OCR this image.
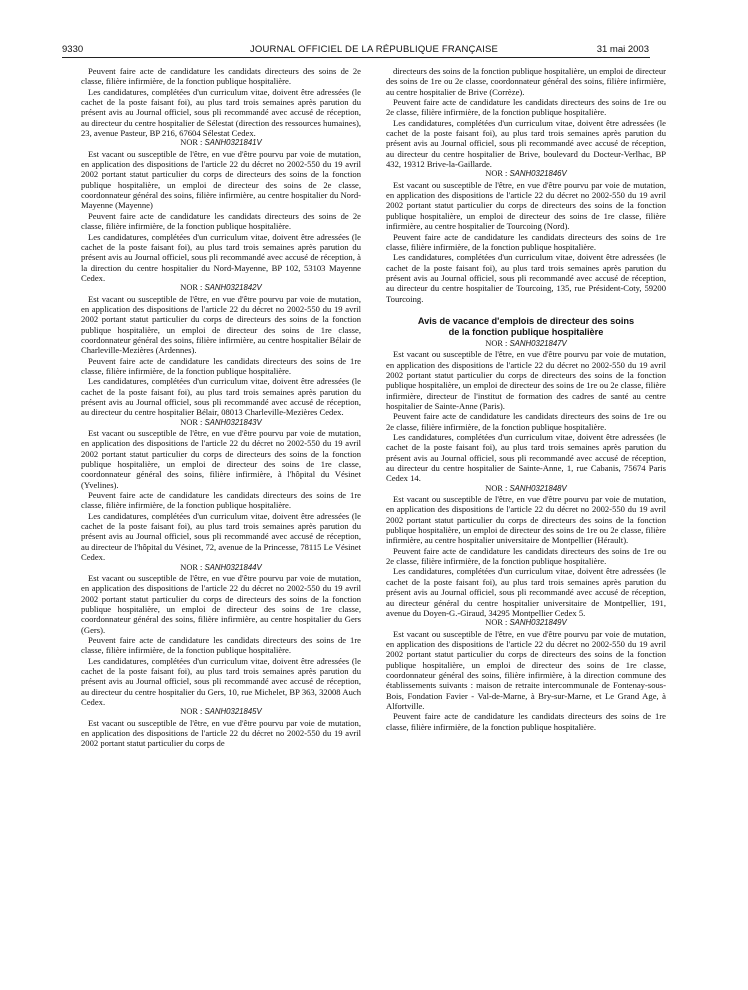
JOURNAL OFFICIEL DE LA RÉPUBLIQUE FRANÇAISE
9330	31 mai 2003

Peuvent faire acte de candidature les candidats directeurs des soins de 2e classe, filière infirmière, de la fonction publique hospitalière.

Les candidatures, complétées d'un curriculum vitae, doivent être adressées (le cachet de la poste faisant foi), au plus tard trois semaines après parution du présent avis au Journal officiel, sous pli recommandé avec accusé de réception, au directeur du centre hospitalier de Sélestat (direction des ressources humaines), 23, avenue Pasteur, BP 216, 67604 Sélestat Cedex.

NOR : SANH0321841V

Est vacant ou susceptible de l'être, en vue d'être pourvu par voie de mutation, en application des dispositions de l'article 22 du décret no 2002-550 du 19 avril 2002 portant statut particulier du corps de directeurs des soins de la fonction publique hospitalière, un emploi de directeur des soins de 2e classe, coordonnateur général des soins, filière infirmière, au centre hospitalier du Nord-Mayenne (Mayenne)

Peuvent faire acte de candidature les candidats directeurs des soins de 2e classe, filière infirmière, de la fonction publique hospitalière.

Les candidatures, complétées d'un curriculum vitae, doivent être adressées (le cachet de la poste faisant foi), au plus tard trois semaines après parution du présent avis au Journal officiel, sous pli recommandé avec accusé de réception, à la direction du centre hospitalier du Nord-Mayenne, BP 102, 53103 Mayenne Cedex.

NOR : SANH0321842V

Est vacant ou susceptible de l'être, en vue d'être pourvu par voie de mutation, en application des dispositions de l'article 22 du décret no 2002-550 du 19 avril 2002 portant statut particulier du corps de directeurs des soins de la fonction publique hospitalière, un emploi de directeur des soins de 1re classe, coordonnateur général des soins, filière infirmière, au centre hospitalier Bélair de Charleville-Mezières (Ardennes).

Peuvent faire acte de candidature les candidats directeurs des soins de 1re classe, filière infirmière, de la fonction publique hospitalière.

Les candidatures, complétées d'un curriculum vitae, doivent être adressées (le cachet de la poste faisant foi), au plus tard trois semaines après parution du présent avis au Journal officiel, sous pli recommandé avec accusé de réception, au directeur du centre hospitalier Bélair, 08013 Charleville-Mezières Cedex.

NOR : SANH0321843V

Est vacant ou susceptible de l'être, en vue d'être pourvu par voie de mutation, en application des dispositions de l'article 22 du décret no 2002-550 du 19 avril 2002 portant statut particulier du corps de directeurs des soins de la fonction publique hospitalière, un emploi de directeur des soins de 1re classe, coordonnateur général des soins, filière infirmière, à l'hôpital du Vésinet (Yvelines).

Peuvent faire acte de candidature les candidats directeurs des soins de 1re classe, filière infirmière, de la fonction publique hospitalière.

Les candidatures, complétées d'un curriculum vitae, doivent être adressées (le cachet de la poste faisant foi), au plus tard trois semaines après parution du présent avis au Journal officiel, sous pli recommandé avec accusé de réception, au directeur de l'hôpital du Vésinet, 72, avenue de la Princesse, 78115 Le Vésinet Cedex.

NOR : SANH0321844V

Est vacant ou susceptible de l'être, en vue d'être pourvu par voie de mutation, en application des dispositions de l'article 22 du décret no 2002-550 du 19 avril 2002 portant statut particulier du corps de directeurs des soins de la fonction publique hospitalière, un emploi de directeur des soins de 1re classe, coordonnateur général des soins, filière infirmière, au centre hospitalier du Gers (Gers).

Peuvent faire acte de candidature les candidats directeurs des soins de 1re classe, filière infirmière, de la fonction publique hospitalière.

Les candidatures, complétées d'un curriculum vitae, doivent être adressées (le cachet de la poste faisant foi), au plus tard trois semaines après parution du présent avis au Journal officiel, sous pli recommandé avec accusé de réception, au directeur du centre hospitalier du Gers, 10, rue Michelet, BP 363, 32008 Auch Cedex.

NOR : SANH0321845V

Est vacant ou susceptible de l'être, en vue d'être pourvu par voie de mutation, en application des dispositions de l'article 22 du décret no 2002-550 du 19 avril 2002 portant statut particulier du corps de

directeurs des soins de la fonction publique hospitalière, un emploi de directeur des soins de 1re ou 2e classe, coordonnateur général des soins, filière infirmière, au centre hospitalier de Brive (Corrèze).

Peuvent faire acte de candidature les candidats directeurs des soins de 1re ou 2e classe, filière infirmière, de la fonction publique hospitalière.

Les candidatures, complétées d'un curriculum vitae, doivent être adressées (le cachet de la poste faisant foi), au plus tard trois semaines après parution du présent avis au Journal officiel, sous pli recommandé avec accusé de réception, au directeur du centre hospitalier de Brive, boulevard du Docteur-Verlhac, BP 432, 19312 Brive-la-Gaillarde.

NOR : SANH0321846V

Est vacant ou susceptible de l'être, en vue d'être pourvu par voie de mutation, en application des dispositions de l'article 22 du décret no 2002-550 du 19 avril 2002 portant statut particulier du corps de directeurs des soins de la fonction publique hospitalière, un emploi de directeur des soins de 1re classe, filière infirmière, au centre hospitalier de Tourcoing (Nord).

Peuvent faire acte de candidature les candidats directeurs des soins de 1re classe, filière infirmière, de la fonction publique hospitalière.

Les candidatures, complétées d'un curriculum vitae, doivent être adressées (le cachet de la poste faisant foi), au plus tard trois semaines après parution du présent avis au Journal officiel, sous pli recommandé avec accusé de réception, au directeur du centre hospitalier de Tourcoing, 135, rue Président-Coty, 59200 Tourcoing.

Avis de vacance d'emplois de directeur des soins
de la fonction publique hospitalière

NOR : SANH0321847V

Est vacant ou susceptible de l'être, en vue d'être pourvu par voie de mutation, en application des dispositions de l'article 22 du décret no 2002-550 du 19 avril 2002 portant statut particulier du corps de directeurs des soins de la fonction publique hospitalière, un emploi de directeur des soins de 1re ou 2e classe, filière infirmière, directeur de l'institut de formation des cadres de santé au centre hospitalier de Sainte-Anne (Paris).

Peuvent faire acte de candidature les candidats directeurs des soins de 1re ou 2e classe, filière infirmière, de la fonction publique hospitalière.

Les candidatures, complétées d'un curriculum vitae, doivent être adressées (le cachet de la poste faisant foi), au plus tard trois semaines après parution du présent avis au Journal officiel, sous pli recommandé avec accusé de réception, au directeur du centre hospitalier de Sainte-Anne, 1, rue Cabanis, 75674 Paris Cedex 14.

NOR : SANH0321848V

Est vacant ou susceptible de l'être, en vue d'être pourvu par voie de mutation, en application des dispositions de l'article 22 du décret no 2002-550 du 19 avril 2002 portant statut particulier du corps de directeurs des soins de la fonction publique hospitalière, un emploi de directeur des soins de 1re ou 2e classe, filière infirmière, au centre hospitalier universitaire de Montpellier (Hérault).

Peuvent faire acte de candidature les candidats directeurs des soins de 1re ou 2e classe, filière infirmière, de la fonction publique hospitalière.

Les candidatures, complétées d'un curriculum vitae, doivent être adressées (le cachet de la poste faisant foi), au plus tard trois semaines après parution du présent avis au Journal officiel, sous pli recommandé avec accusé de réception, au directeur général du centre hospitalier universitaire de Montpellier, 191, avenue du Doyen-G.-Giraud, 34295 Montpellier Cedex 5.

NOR : SANH0321849V

Est vacant ou susceptible de l'être, en vue d'être pourvu par voie de mutation, en application des dispositions de l'article 22 du décret no 2002-550 du 19 avril 2002 portant statut particulier du corps de directeurs des soins de la fonction publique hospitalière, un emploi de directeur des soins de 1re classe, coordonnateur général des soins, filière infirmière, à la direction commune des établissements suivants : maison de retraite intercommunale de Fontenay-sous-Bois, Fondation Favier - Val-de-Marne, à Bry-sur-Marne, et Le Grand Age, à Alfortville.

Peuvent faire acte de candidature les candidats directeurs des soins de 1re classe, filière infirmière, de la fonction publique hospitalière.
